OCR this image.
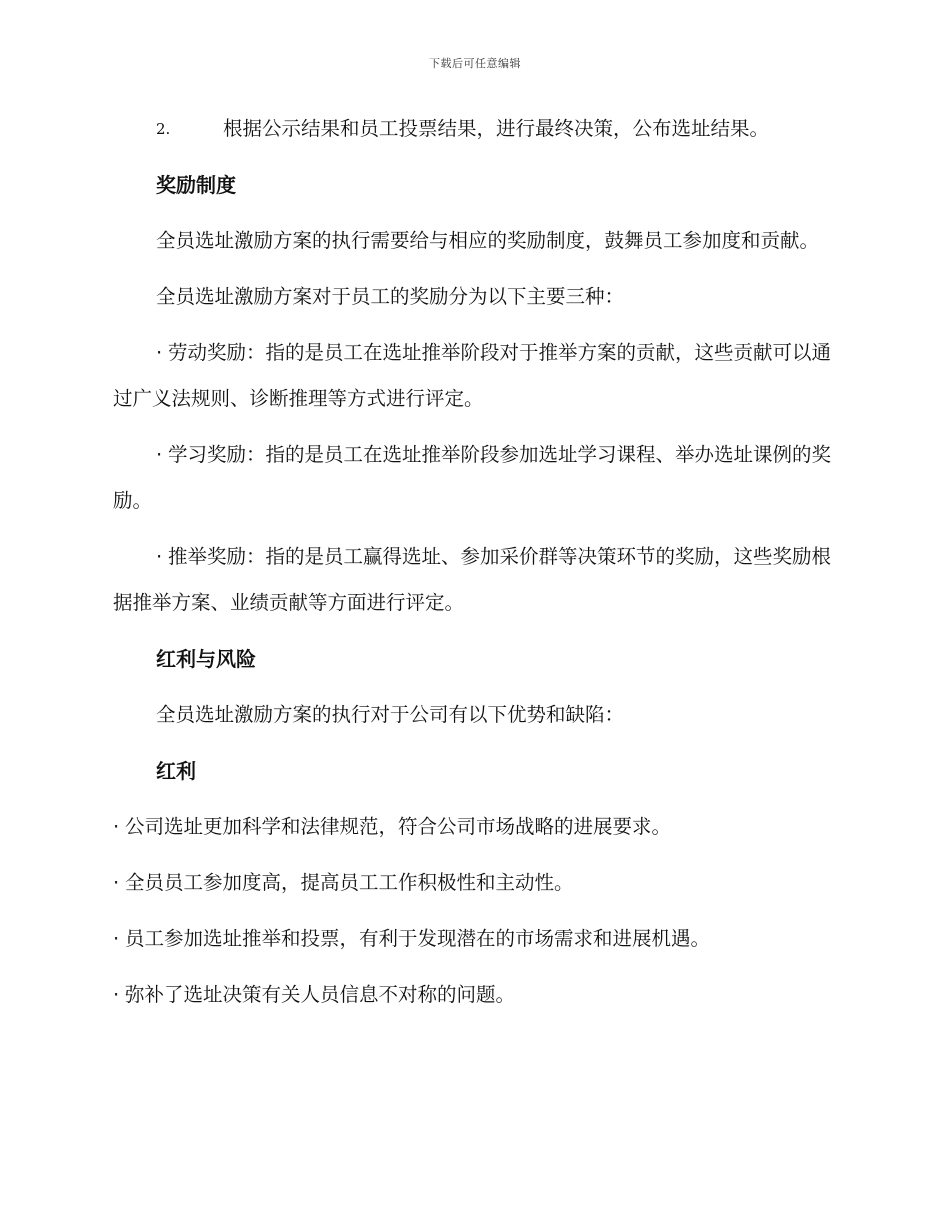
下载后可任意编辑
2.	根据公示结果和员工投票结果，进行最终决策，公布选址结果。
奖励制度

全员选址激励方案的执行需要给与相应的奖励制度，鼓舞员工参加度和贡献。

全员选址激励方案对于员工的奖励分为以下主要三种：

· 劳动奖励：指的是员工在选址推举阶段对于推举方案的贡献，这些贡献可以通过广义法规则、诊断推理等方式进行评定。

· 学习奖励：指的是员工在选址推举阶段参加选址学习课程、举办选址课例的奖励。

· 推举奖励：指的是员工赢得选址、参加采价群等决策环节的奖励，这些奖励根据推举方案、业绩贡献等方面进行评定。

红利与风险

全员选址激励方案的执行对于公司有以下优势和缺陷：

红利

· 公司选址更加科学和法律规范，符合公司市场战略的进展要求。

· 全员员工参加度高，提高员工工作积极性和主动性。

· 员工参加选址推举和投票，有利于发现潜在的市场需求和进展机遇。

· 弥补了选址决策有关人员信息不对称的问题。
